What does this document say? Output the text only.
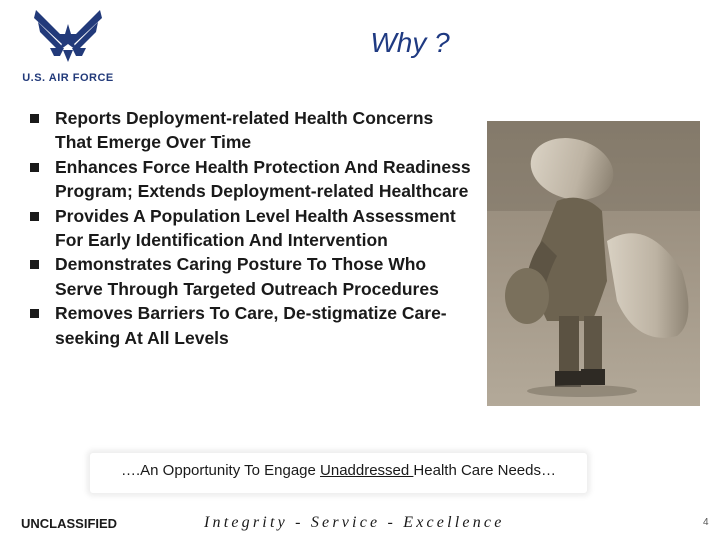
U.S. AIR FORCE
Why ?
Reports Deployment-related Health Concerns That Emerge Over Time
Enhances Force Health Protection And Readiness Program; Extends Deployment-related Healthcare
Provides A Population Level Health Assessment For Early Identification And Intervention
Demonstrates Caring Posture To Those Who Serve Through Targeted Outreach Procedures
Removes Barriers To Care, De-stigmatize Care-seeking At All Levels
….An Opportunity To Engage Unaddressed Health Care Needs…
UNCLASSIFIED	Integrity - Service - Excellence	4
